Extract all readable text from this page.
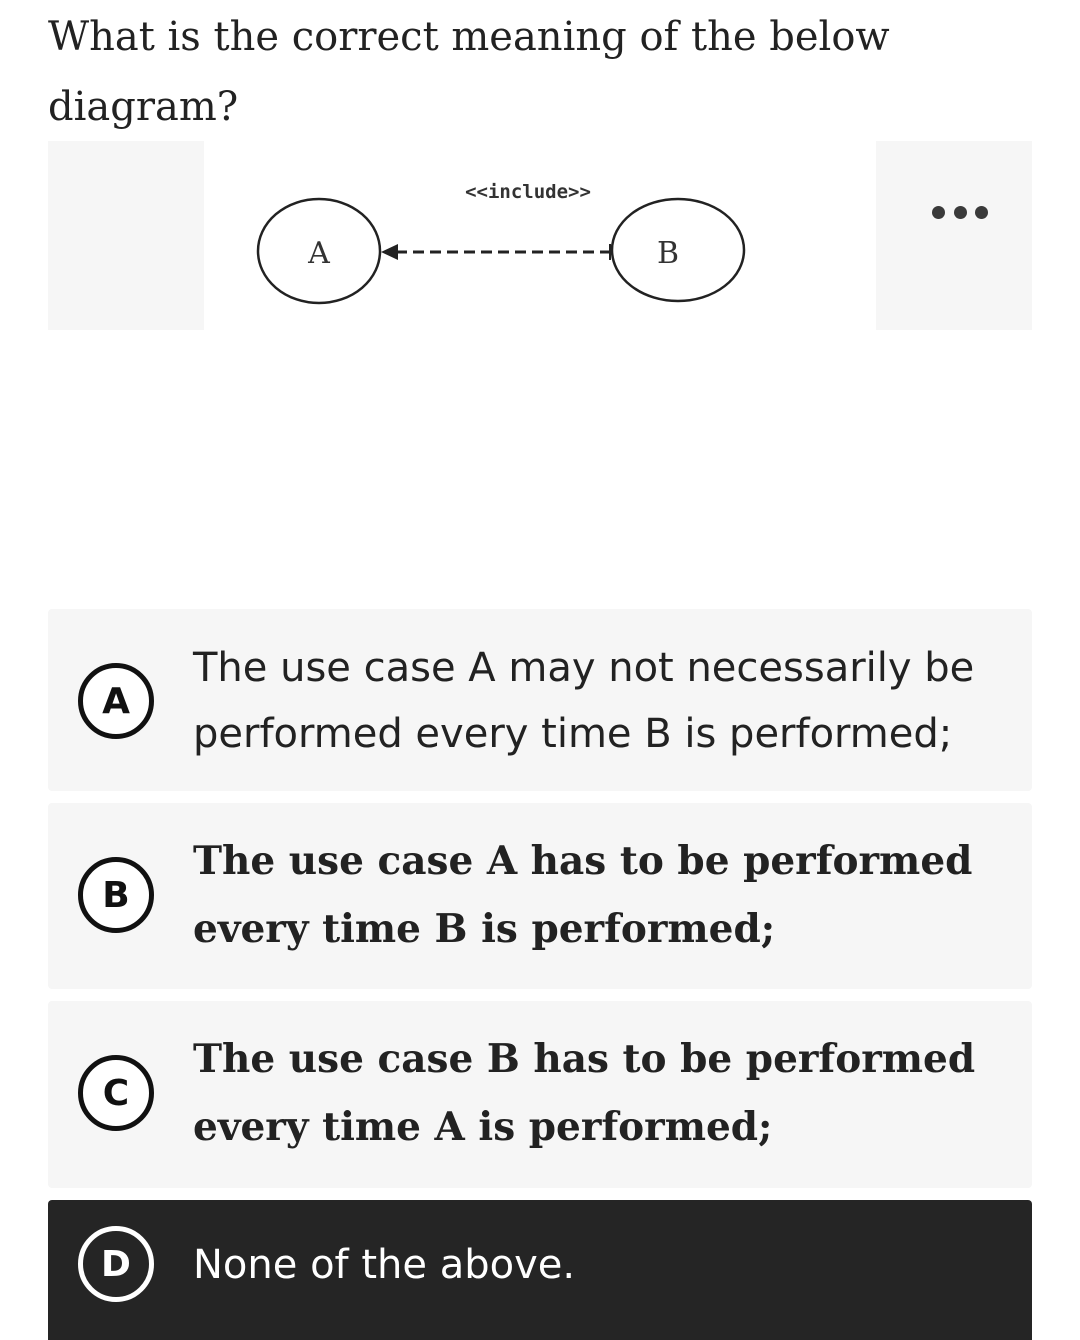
What is the correct meaning of the below diagram?
A	B
<<include>>
A

The use case A may not necessarily be performed every time B is performed;

B

The use case A has to be performed every time B is performed;

C

The use case B has to be performed every time A is performed;

D	None of the above.
